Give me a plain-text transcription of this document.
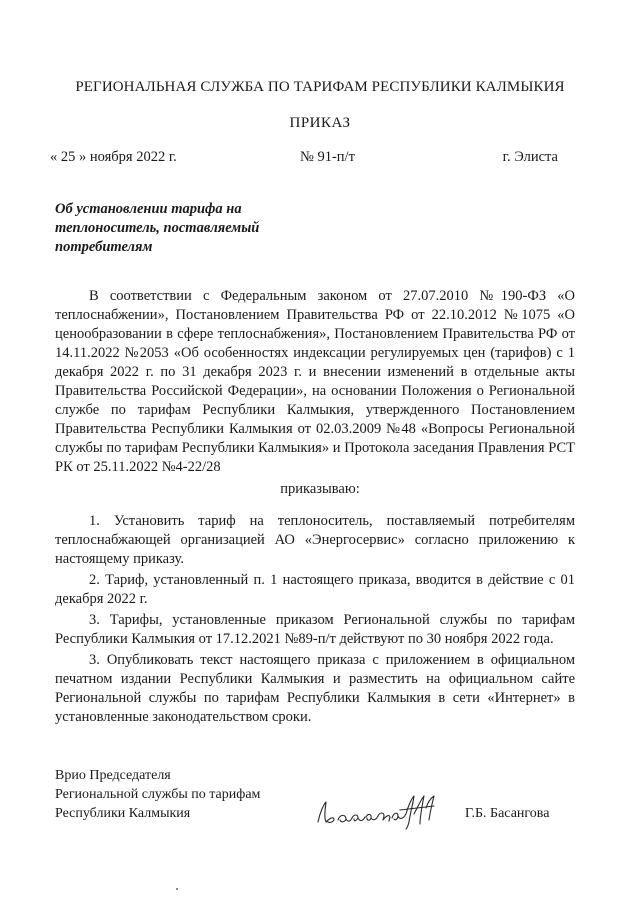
РЕГИОНАЛЬНАЯ СЛУЖБА ПО ТАРИФАМ РЕСПУБЛИКИ КАЛМЫКИЯ
ПРИКАЗ
« 25 » ноября 2022 г.	№ 91-п/т	г. Элиста
Об установлении тарифа на
теплоноситель, поставляемый
потребителям

В соответствии с Федеральным законом от 27.07.2010 №190-ФЗ «О теплоснабжении», Постановлением Правительства РФ от 22.10.2012 №1075 «О ценообразовании в сфере теплоснабжения», Постановлением Правительства РФ от 14.11.2022 №2053 «Об особенностях индексации регулируемых цен (тарифов) с 1 декабря 2022 г. по 31 декабря 2023 г. и внесении изменений в отдельные акты Правительства Российской Федерации», на основании Положения о Региональной службе по тарифам Республики Калмыкия, утвержденного Постановлением Правительства Республики Калмыкия от 02.03.2009 №48 «Вопросы Региональной службы по тарифам Республики Калмыкия» и Протокола заседания Правления РСТ РК от 25.11.2022 №4-22/28

приказываю:

1. Установить тариф на теплоноситель, поставляемый потребителям теплоснабжающей организацией АО «Энергосервис» согласно приложению к настоящему приказу.

2. Тариф, установленный п. 1 настоящего приказа, вводится в действие с 01 декабря 2022 г.

3. Тарифы, установленные приказом Региональной службы по тарифам Республики Калмыкия от 17.12.2021 №89-п/т действуют по 30 ноября 2022 года.

3. Опубликовать текст настоящего приказа с приложением в официальном печатном издании Республики Калмыкия и разместить на официальном сайте Региональной службы по тарифам Республики Калмыкия в сети «Интернет» в установленные законодательством сроки.

Врио Председателя
Региональной службы по тарифам
Республики Калмыкия	Г.Б. Басангова
